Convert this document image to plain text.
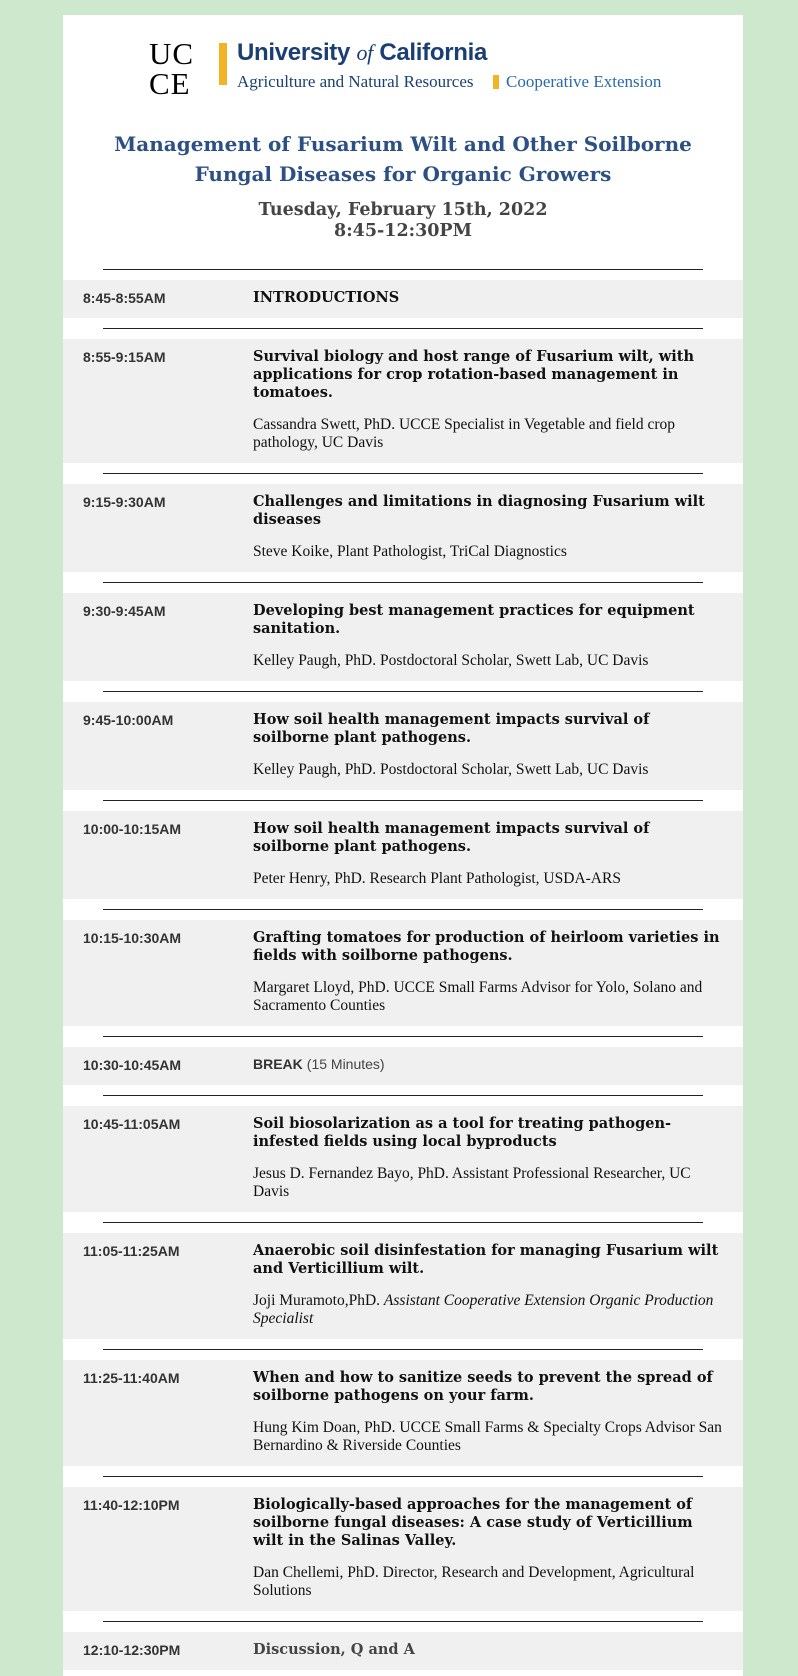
UC
CE
University of California
Agriculture and Natural Resources Cooperative Extension
Management of Fusarium Wilt and Other Soilborne
Fungal Diseases for Organic Growers
Tuesday, February 15th, 2022
8:45-12:30PM
8:45-8:55AM	INTRODUCTIONS
8:55-9:15AM	Survival biology and host range of Fusarium wilt, with applications for crop rotation-based management in tomatoes.
Cassandra Swett, PhD. UCCE Specialist in Vegetable and field crop pathology, UC Davis
9:15-9:30AM	Challenges and limitations in diagnosing Fusarium wilt diseases
Steve Koike, Plant Pathologist, TriCal Diagnostics
9:30-9:45AM	Developing best management practices for equipment sanitation.
Kelley Paugh, PhD. Postdoctoral Scholar, Swett Lab, UC Davis
9:45-10:00AM	How soil health management impacts survival of soilborne plant pathogens.
Kelley Paugh, PhD. Postdoctoral Scholar, Swett Lab, UC Davis
10:00-10:15AM	How soil health management impacts survival of soilborne plant pathogens.
Peter Henry, PhD. Research Plant Pathologist, USDA-ARS
10:15-10:30AM	Grafting tomatoes for production of heirloom varieties in fields with soilborne pathogens.
Margaret Lloyd, PhD. UCCE Small Farms Advisor for Yolo, Solano and Sacramento Counties
10:30-10:45AM	BREAK (15 Minutes)
10:45-11:05AM	Soil biosolarization as a tool for treating pathogen-infested fields using local byproducts
Jesus D. Fernandez Bayo, PhD. Assistant Professional Researcher, UC Davis
11:05-11:25AM	Anaerobic soil disinfestation for managing Fusarium wilt and Verticillium wilt.
Joji Muramoto,PhD. Assistant Cooperative Extension Organic Production Specialist
11:25-11:40AM	When and how to sanitize seeds to prevent the spread of soilborne pathogens on your farm.
Hung Kim Doan, PhD. UCCE Small Farms & Specialty Crops Advisor San Bernardino & Riverside Counties
11:40-12:10PM	Biologically-based approaches for the management of soilborne fungal diseases: A case study of Verticillium wilt in the Salinas Valley.
Dan Chellemi, PhD. Director, Research and Development, Agricultural Solutions
12:10-12:30PM	Discussion, Q and A
